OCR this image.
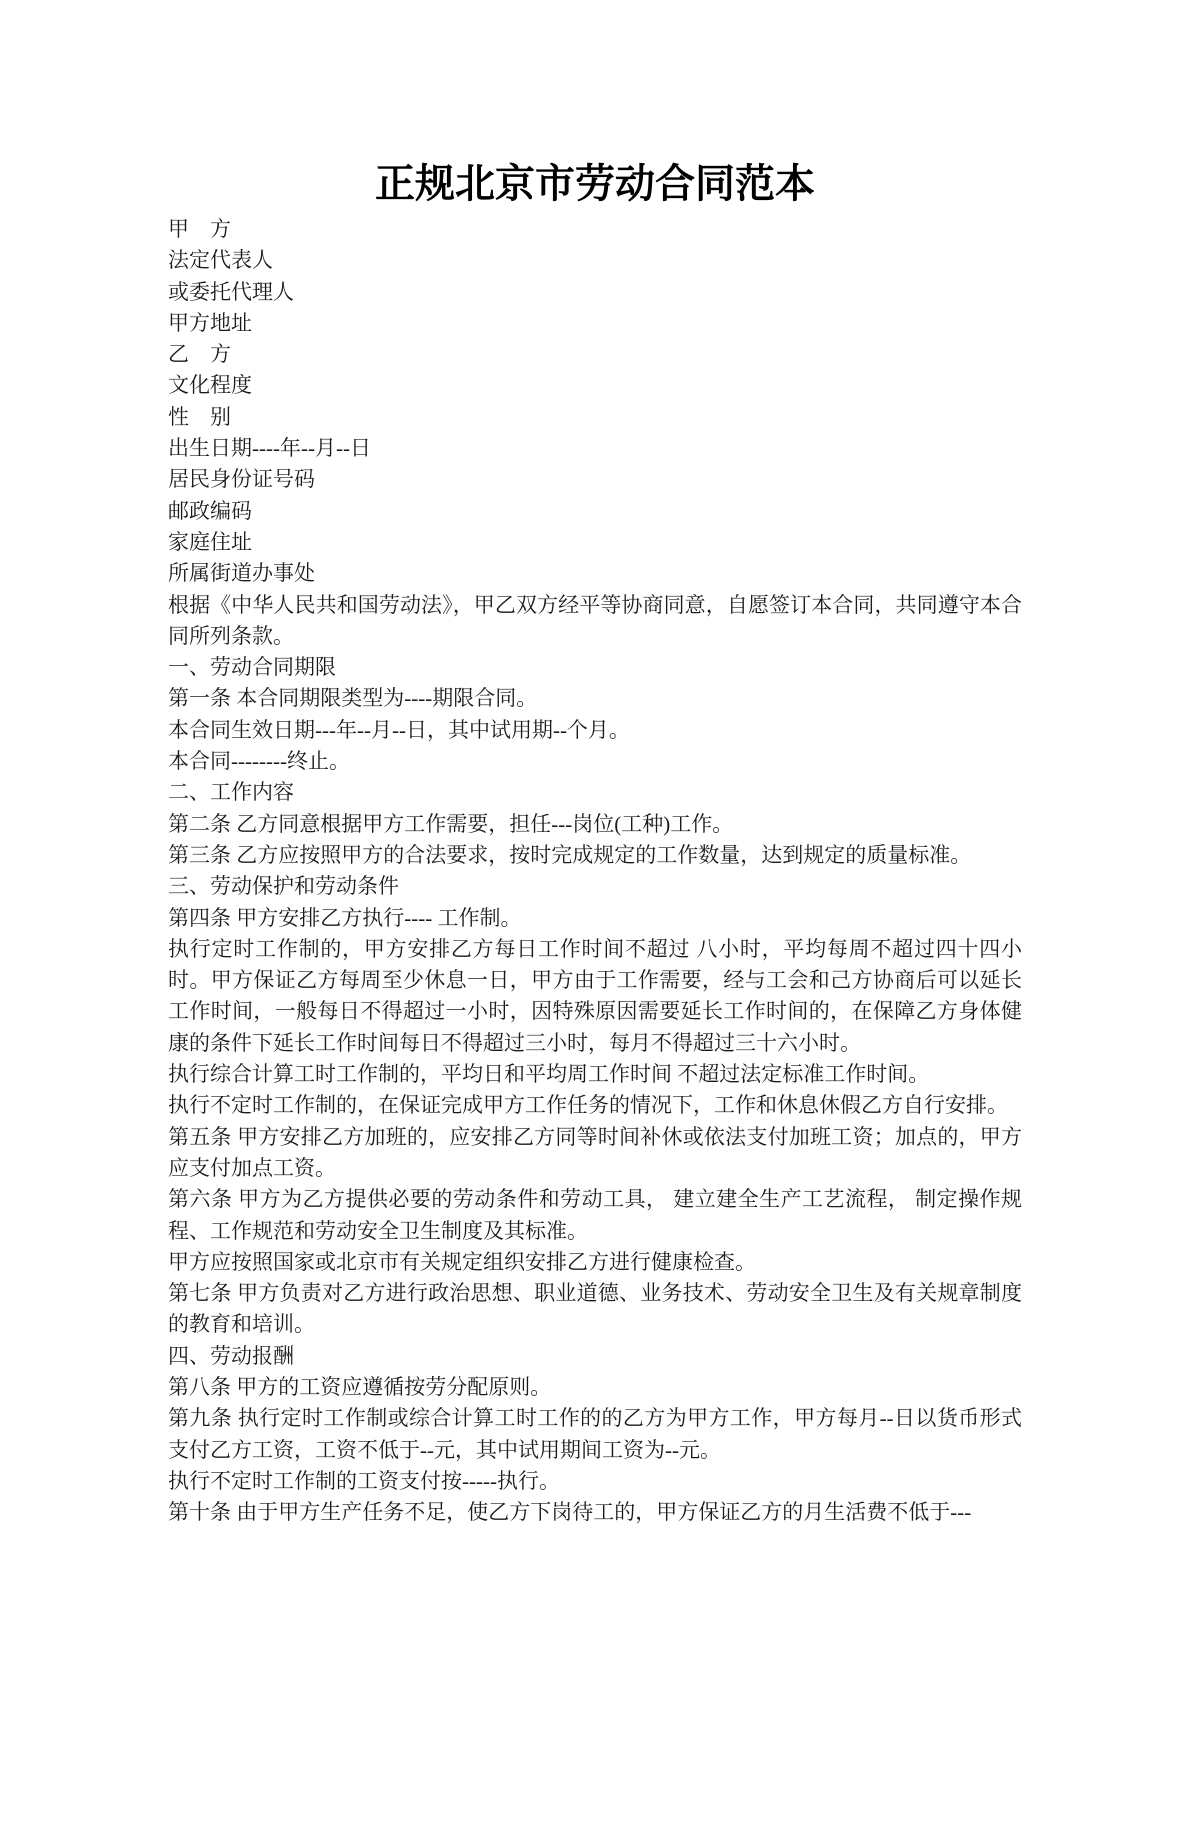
正规北京市劳动合同范本

甲　方

法定代表人

或委托代理人

甲方地址

乙　方

文化程度

性　别

出生日期----年--月--日

居民身份证号码

邮政编码

家庭住址

所属街道办事处

根据《中华人民共和国劳动法》，甲乙双方经平等协商同意，自愿签订本合同，共同遵守本合同所列条款。

一、劳动合同期限

第一条 本合同期限类型为----期限合同。

本合同生效日期---年--月--日，其中试用期--个月。

本合同--------终止。

二、工作内容

第二条 乙方同意根据甲方工作需要，担任---岗位(工种)工作。

第三条 乙方应按照甲方的合法要求，按时完成规定的工作数量，达到规定的质量标准。

三、劳动保护和劳动条件

第四条 甲方安排乙方执行---- 工作制。

执行定时工作制的，甲方安排乙方每日工作时间不超过 八小时，平均每周不超过四十四小时。甲方保证乙方每周至少休息一日，甲方由于工作需要，经与工会和己方协商后可以延长工作时间，一般每日不得超过一小时，因特殊原因需要延长工作时间的，在保障乙方身体健康的条件下延长工作时间每日不得超过三小时，每月不得超过三十六小时。

执行综合计算工时工作制的，平均日和平均周工作时间 不超过法定标准工作时间。

执行不定时工作制的，在保证完成甲方工作任务的情况下，工作和休息休假乙方自行安排。

第五条 甲方安排乙方加班的，应安排乙方同等时间补休或依法支付加班工资；加点的，甲方应支付加点工资。

第六条 甲方为乙方提供必要的劳动条件和劳动工具， 建立建全生产工艺流程， 制定操作规程、工作规范和劳动安全卫生制度及其标准。

甲方应按照国家或北京市有关规定组织安排乙方进行健康检查。

第七条 甲方负责对乙方进行政治思想、职业道德、业务技术、劳动安全卫生及有关规章制度的教育和培训。

四、劳动报酬

第八条 甲方的工资应遵循按劳分配原则。

第九条 执行定时工作制或综合计算工时工作的的乙方为甲方工作，甲方每月--日以货币形式支付乙方工资，工资不低于--元，其中试用期间工资为--元。

执行不定时工作制的工资支付按-----执行。

第十条 由于甲方生产任务不足，使乙方下岗待工的，甲方保证乙方的月生活费不低于---
